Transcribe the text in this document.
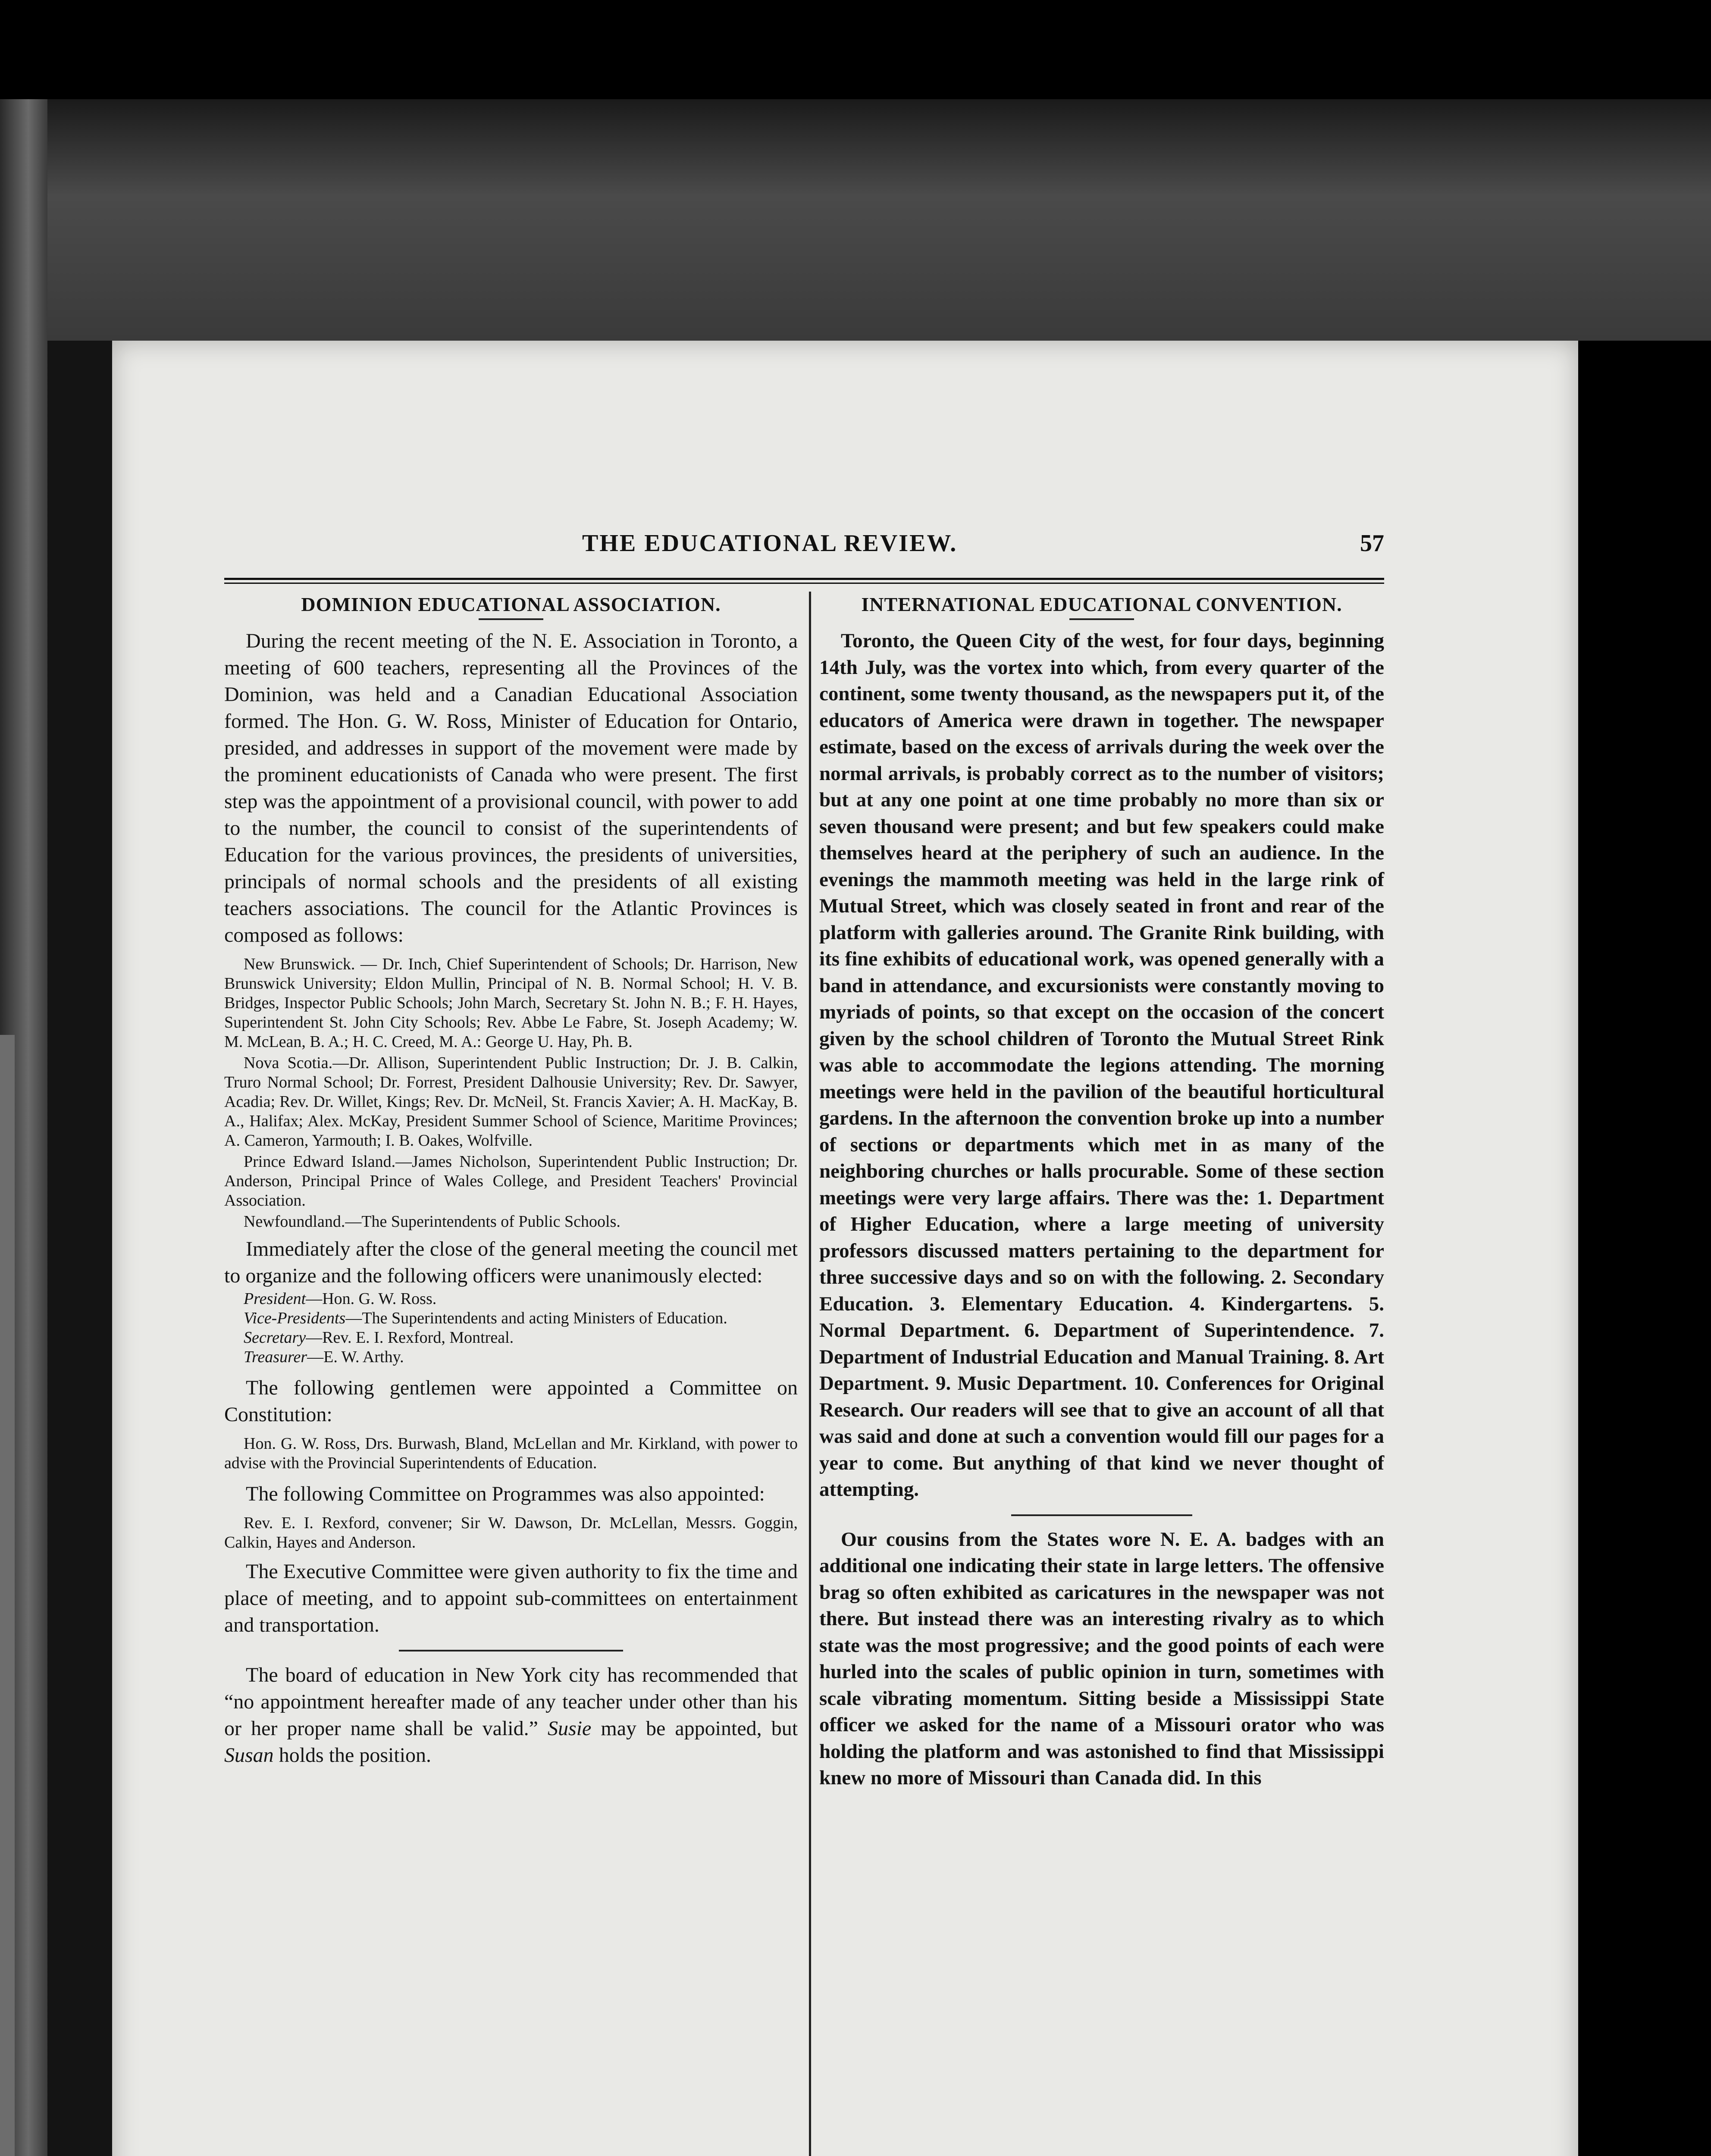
THE EDUCATIONAL REVIEW.	57
DOMINION EDUCATIONAL ASSOCIATION.

During the recent meeting of the N. E. Association in Toronto, a meeting of 600 teachers, representing all the Provinces of the Dominion, was held and a Canadian Educational Association formed. The Hon. G. W. Ross, Minister of Education for Ontario, presided, and addresses in support of the movement were made by the prominent educationists of Canada who were present. The first step was the appointment of a provisional council, with power to add to the number, the council to consist of the superintendents of Education for the various provinces, the presidents of universities, principals of normal schools and the presidents of all existing teachers associations. The council for the Atlantic Provinces is composed as follows:

New Brunswick. — Dr. Inch, Chief Superintendent of Schools; Dr. Harrison, New Brunswick University; Eldon Mullin, Principal of N. B. Normal School; H. V. B. Bridges, Inspector Public Schools; John March, Secretary St. John N. B.; F. H. Hayes, Superintendent St. John City Schools; Rev. Abbe Le Fabre, St. Joseph Academy; W. M. McLean, B. A.; H. C. Creed, M. A.: George U. Hay, Ph. B.

Nova Scotia.—Dr. Allison, Superintendent Public Instruction; Dr. J. B. Calkin, Truro Normal School; Dr. Forrest, President Dalhousie University; Rev. Dr. Sawyer, Acadia; Rev. Dr. Willet, Kings; Rev. Dr. McNeil, St. Francis Xavier; A. H. MacKay, B. A., Halifax; Alex. McKay, President Summer School of Science, Maritime Provinces; A. Cameron, Yarmouth; I. B. Oakes, Wolfville.

Prince Edward Island.—James Nicholson, Superintendent Public Instruction; Dr. Anderson, Principal Prince of Wales College, and President Teachers' Provincial Association.

Newfoundland.—The Superintendents of Public Schools.

Immediately after the close of the general meeting the council met to organize and the following officers were unanimously elected:

President—Hon. G. W. Ross.

Vice-Presidents—The Superintendents and acting Ministers of Education.

Secretary—Rev. E. I. Rexford, Montreal.

Treasurer—E. W. Arthy.

The following gentlemen were appointed a Committee on Constitution:

Hon. G. W. Ross, Drs. Burwash, Bland, McLellan and Mr. Kirkland, with power to advise with the Provincial Superintendents of Education.

The following Committee on Programmes was also appointed:

Rev. E. I. Rexford, convener; Sir W. Dawson, Dr. McLellan, Messrs. Goggin, Calkin, Hayes and Anderson.

The Executive Committee were given authority to fix the time and place of meeting, and to appoint sub-committees on entertainment and transportation.

The board of education in New York city has recommended that “no appointment hereafter made of any teacher under other than his or her proper name shall be valid.” Susie may be appointed, but Susan holds the position.

INTERNATIONAL EDUCATIONAL CONVENTION.

Toronto, the Queen City of the west, for four days, beginning 14th July, was the vortex into which, from every quarter of the continent, some twenty thousand, as the newspapers put it, of the educators of America were drawn in together. The newspaper estimate, based on the excess of arrivals during the week over the normal arrivals, is probably correct as to the number of visitors; but at any one point at one time probably no more than six or seven thousand were present; and but few speakers could make themselves heard at the periphery of such an audience. In the evenings the mammoth meeting was held in the large rink of Mutual Street, which was closely seated in front and rear of the platform with galleries around. The Granite Rink building, with its fine exhibits of educational work, was opened generally with a band in attendance, and excursionists were constantly moving to myriads of points, so that except on the occasion of the concert given by the school children of Toronto the Mutual Street Rink was able to accommodate the legions attending. The morning meetings were held in the pavilion of the beautiful horticultural gardens. In the afternoon the convention broke up into a number of sections or departments which met in as many of the neighboring churches or halls procurable. Some of these section meetings were very large affairs. There was the: 1. Department of Higher Education, where a large meeting of university professors discussed matters pertaining to the department for three successive days and so on with the following. 2. Secondary Education. 3. Elementary Education. 4. Kindergartens. 5. Normal Department. 6. Department of Superintendence. 7. Department of Industrial Education and Manual Training. 8. Art Department. 9. Music Department. 10. Conferences for Original Research. Our readers will see that to give an account of all that was said and done at such a convention would fill our pages for a year to come. But anything of that kind we never thought of attempting.

Our cousins from the States wore N. E. A. badges with an additional one indicating their state in large letters. The offensive brag so often exhibited as caricatures in the newspaper was not there. But instead there was an interesting rivalry as to which state was the most progressive; and the good points of each were hurled into the scales of public opinion in turn, sometimes with scale vibrating momentum. Sitting beside a Mississippi State officer we asked for the name of a Missouri orator who was holding the platform and was astonished to find that Mississippi knew no more of Missouri than Canada did. In this
